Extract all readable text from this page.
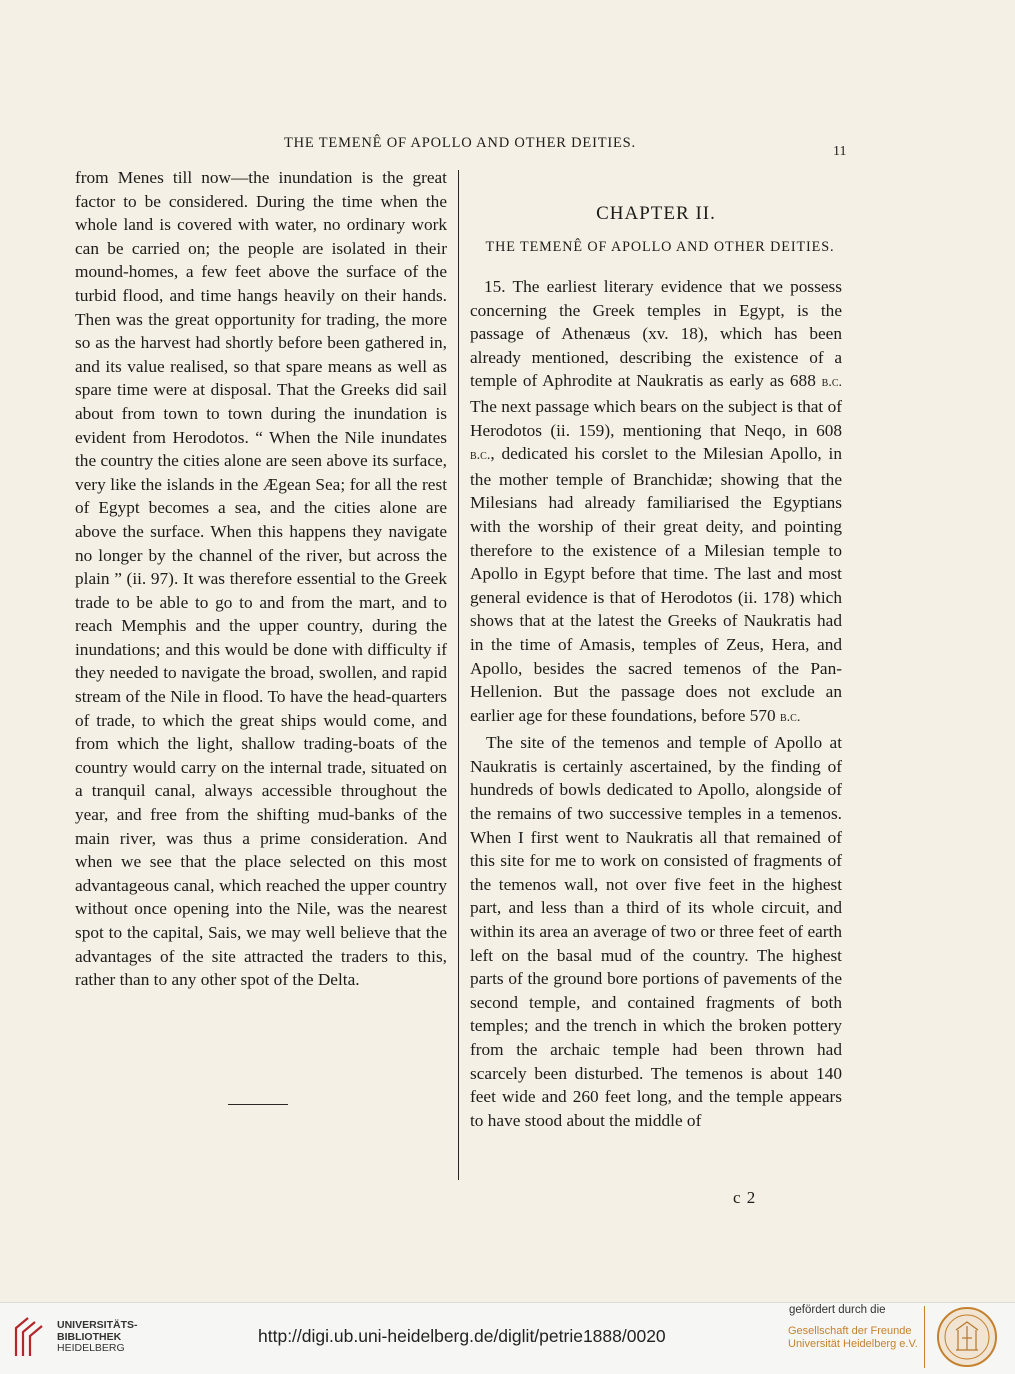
THE TEMENÊ OF APOLLO AND OTHER DEITIES.
11

from Menes till now—the inundation is the great factor to be considered. During the time when the whole land is covered with water, no ordinary work can be carried on; the people are isolated in their mound-homes, a few feet above the surface of the turbid flood, and time hangs heavily on their hands. Then was the great opportunity for trading, the more so as the harvest had shortly before been gathered in, and its value realised, so that spare means as well as spare time were at disposal. That the Greeks did sail about from town to town during the inundation is evident from Herodotos. “ When the Nile inundates the country the cities alone are seen above its surface, very like the islands in the Ægean Sea; for all the rest of Egypt becomes a sea, and the cities alone are above the surface. When this happens they navigate no longer by the channel of the river, but across the plain ” (ii. 97). It was therefore essential to the Greek trade to be able to go to and from the mart, and to reach Memphis and the upper country, during the inundations; and this would be done with difficulty if they needed to navigate the broad, swollen, and rapid stream of the Nile in flood. To have the head-quarters of trade, to which the great ships would come, and from which the light, shallow trading-boats of the country would carry on the internal trade, situated on a tranquil canal, always accessible throughout the year, and free from the shifting mud-banks of the main river, was thus a prime consideration. And when we see that the place selected on this most advantageous canal, which reached the upper country without once opening into the Nile, was the nearest spot to the capital, Sais, we may well believe that the advantages of the site attracted the traders to this, rather than to any other spot of the Delta.

CHAPTER II.
THE TEMENÊ OF APOLLO AND OTHER DEITIES.

15. The earliest literary evidence that we possess concerning the Greek temples in Egypt, is the passage of Athenæus (xv. 18), which has been already mentioned, describing the existence of a temple of Aphrodite at Naukratis as early as 688 b.c. The next passage which bears on the subject is that of Herodotos (ii. 159), mentioning that Neqo, in 608 b.c., dedicated his corslet to the Milesian Apollo, in the mother temple of Branchidæ; showing that the Milesians had already familiarised the Egyptians with the worship of their great deity, and pointing therefore to the existence of a Milesian temple to Apollo in Egypt before that time. The last and most general evidence is that of Herodotos (ii. 178) which shows that at the latest the Greeks of Naukratis had in the time of Amasis, temples of Zeus, Hera, and Apollo, besides the sacred temenos of the Pan-Hellenion. But the passage does not exclude an earlier age for these foundations, before 570 b.c.

The site of the temenos and temple of Apollo at Naukratis is certainly ascertained, by the finding of hundreds of bowls dedicated to Apollo, alongside of the remains of two successive temples in a temenos. When I first went to Naukratis all that remained of this site for me to work on consisted of fragments of the temenos wall, not over five feet in the highest part, and less than a third of its whole circuit, and within its area an average of two or three feet of earth left on the basal mud of the country. The highest parts of the ground bore portions of pavements of the second temple, and contained fragments of both temples; and the trench in which the broken pottery from the archaic temple had been thrown had scarcely been disturbed. The temenos is about 140 feet wide and 260 feet long, and the temple appears to have stood about the middle of

c 2
UNIVERSITÄTS-
BIBLIOTHEK
HEIDELBERG
http://digi.ub.uni-heidelberg.de/diglit/petrie1888/0020
gefördert durch die
Gesellschaft der Freunde
Universität Heidelberg e.V.
